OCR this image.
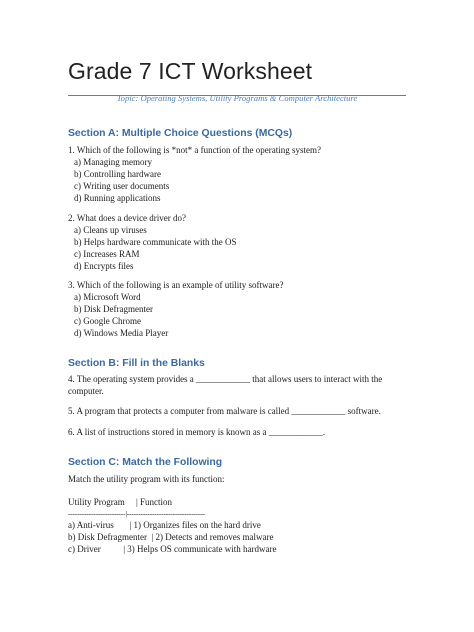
Grade 7 ICT Worksheet
Topic: Operating Systems, Utility Programs & Computer Architecture
Section A: Multiple Choice Questions (MCQs)
1. Which of the following is *not* a function of the operating system?
a) Managing memory
b) Controlling hardware
c) Writing user documents
d) Running applications
2. What does a device driver do?
a) Cleans up viruses
b) Helps hardware communicate with the OS
c) Increases RAM
d) Encrypts files
3. Which of the following is an example of utility software?
a) Microsoft Word
b) Disk Defragmenter
c) Google Chrome
d) Windows Media Player
Section B: Fill in the Blanks
4. The operating system provides a ____________ that allows users to interact with the computer.
5. A program that protects a computer from malware is called ____________ software.
6. A list of instructions stored in memory is known as a ____________.
Section C: Match the Following
Match the utility program with its function:
Utility Program     | Function
-------------------------|----------------------------------
a) Anti-virus       | 1) Organizes files on the hard drive
b) Disk Defragmenter  | 2) Detects and removes malware
c) Driver          | 3) Helps OS communicate with hardware
